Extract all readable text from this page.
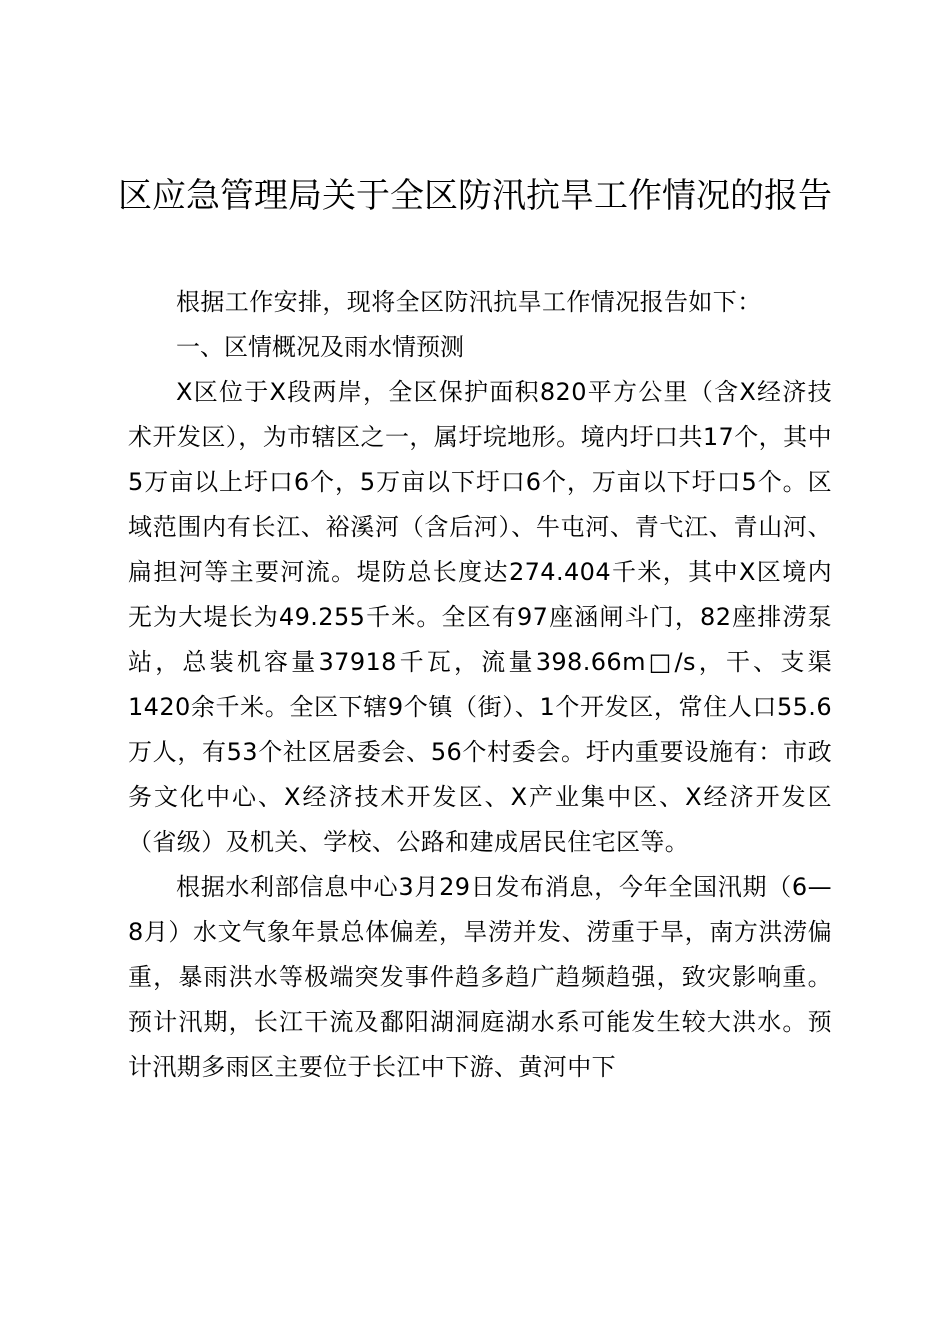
区应急管理局关于全区防汛抗旱工作情况的报告

根据工作安排，现将全区防汛抗旱工作情况报告如下：

一、区情概况及雨水情预测

X区位于X段两岸，全区保护面积820平方公里（含X经济技术开发区），为市辖区之一，属圩垸地形。境内圩口共17个，其中5万亩以上圩口6个，5万亩以下圩口6个，万亩以下圩口5个。区域范围内有长江、裕溪河（含后河）、牛屯河、青弋江、青山河、扁担河等主要河流。堤防总长度达274.404千米，其中X区境内无为大堤长为49.255千米。全区有97座涵闸斗门，82座排涝泵站，总装机容量37918千瓦，流量398.66m□/s，干、支渠1420余千米。全区下辖9个镇（街）、1个开发区，常住人口55.6万人，有53个社区居委会、56个村委会。圩内重要设施有：市政务文化中心、X经济技术开发区、X产业集中区、X经济开发区（省级）及机关、学校、公路和建成居民住宅区等。

根据水利部信息中心3月29日发布消息，今年全国汛期（6—8月）水文气象年景总体偏差，旱涝并发、涝重于旱，南方洪涝偏重，暴雨洪水等极端突发事件趋多趋广趋频趋强，致灾影响重。预计汛期，长江干流及鄱阳湖洞庭湖水系可能发生较大洪水。预计汛期多雨区主要位于长江中下游、黄河中下
